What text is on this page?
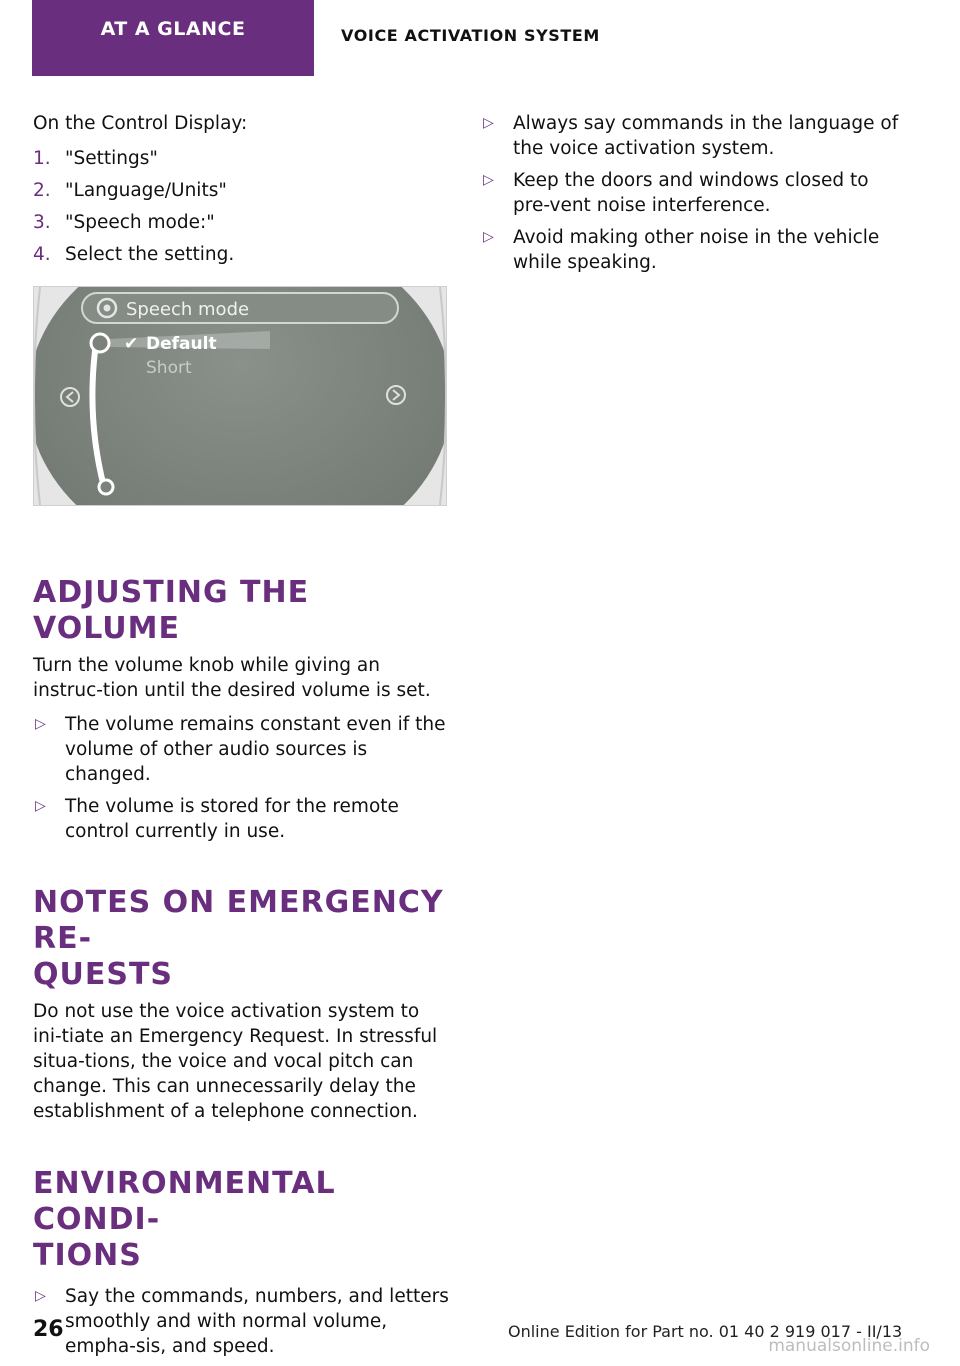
AT A GLANCE	VOICE ACTIVATION SYSTEM

On the Control Display:

1. "Settings"
2. "Language/Units"
3. "Speech mode:"
4. Select the setting.
ADJUSTING THE VOLUME

Turn the volume knob while giving an instruc-tion until the desired volume is set.

▷ The volume remains constant even if the volume of other audio sources is changed.
▷ The volume is stored for the remote control currently in use.
NOTES ON EMERGENCY RE-
QUESTS

Do not use the voice activation system to ini-tiate an Emergency Request. In stressful situa-tions, the voice and vocal pitch can change. This can unnecessarily delay the establishment of a telephone connection.

ENVIRONMENTAL CONDI-
TIONS
▷ Say the commands, numbers, and letters smoothly and with normal volume, empha-sis, and speed.
Speech mode
✔ Default
Short
▷ Always say commands in the language of the voice activation system.
▷ Keep the doors and windows closed to pre-vent noise interference.
▷ Avoid making other noise in the vehicle while speaking.
26	Online Edition for Part no. 01 40 2 919 017 - II/13
manualsonline.info
